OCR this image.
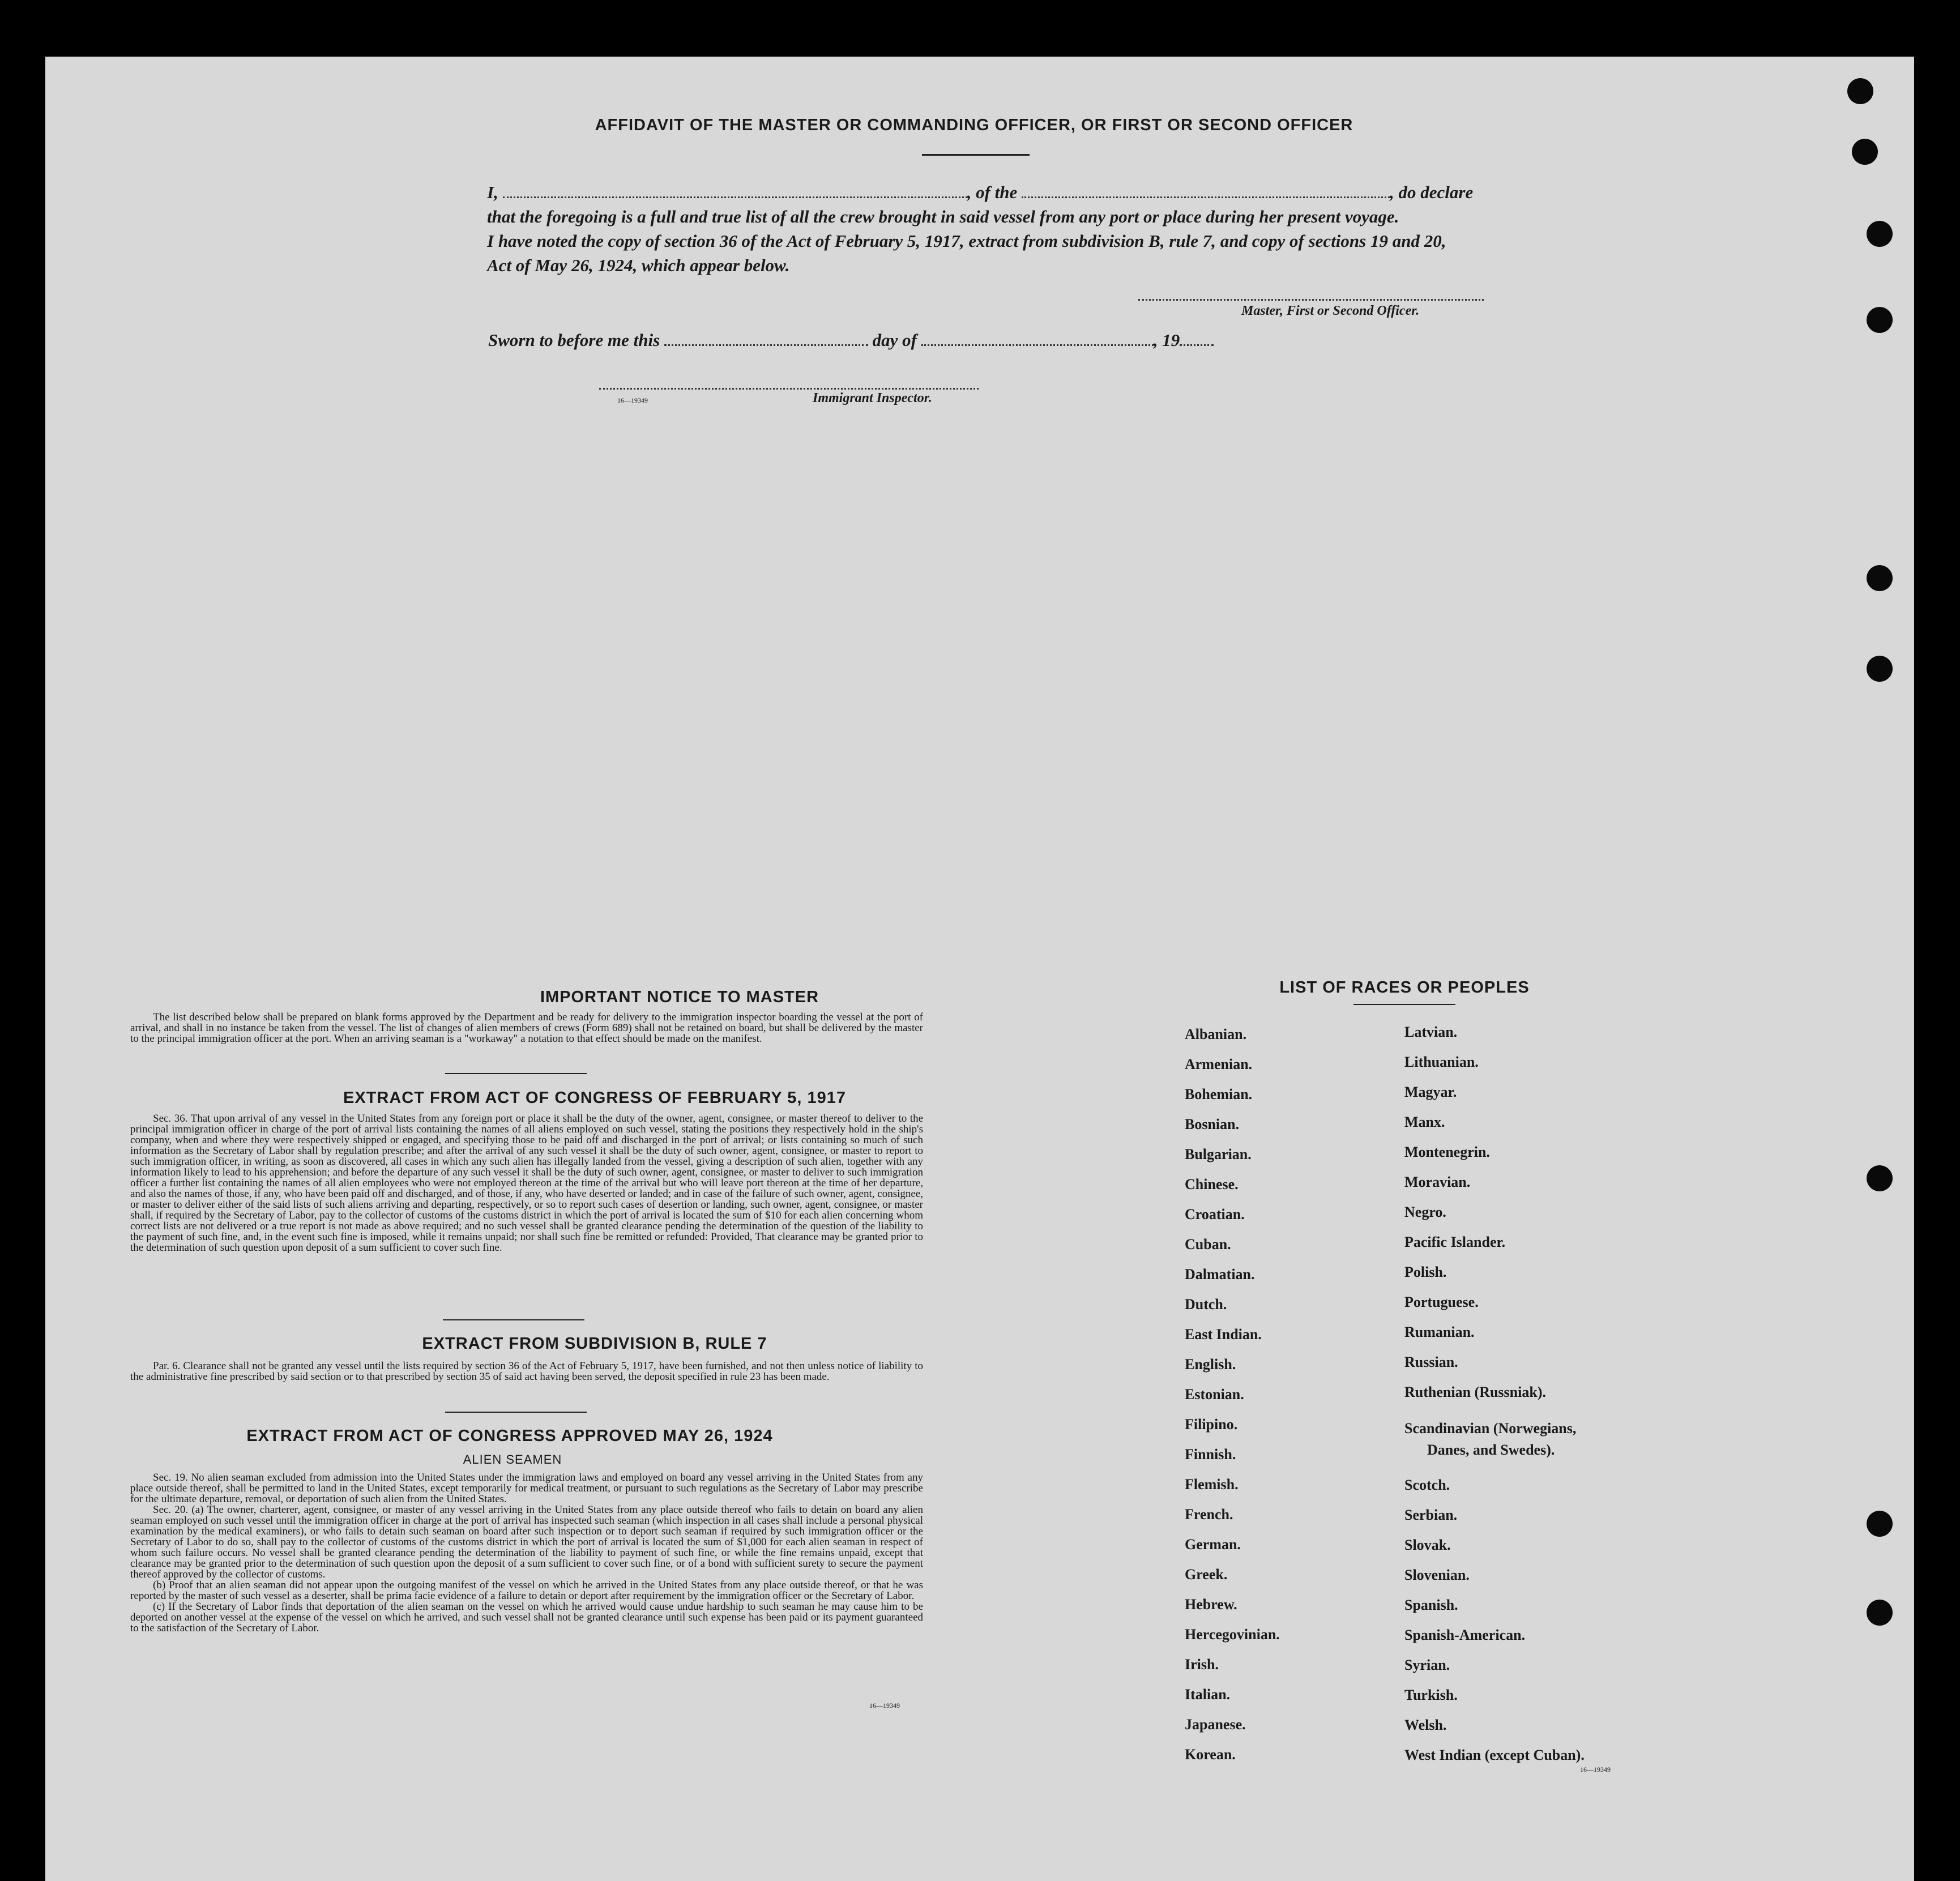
AFFIDAVIT OF THE MASTER OR COMMANDING OFFICER, OR FIRST OR SECOND OFFICER
I,	, of the	, do declare
that the foregoing is a full and true list of all the crew brought in said vessel from any port or place during her present voyage.
I have noted the copy of section 36 of the Act of February 5, 1917, extract from subdivision B, rule 7, and copy of sections 19 and 20,
Act of May 26, 1924, which appear below.
Master, First or Second Officer.
Sworn to before me this	day of	, 19
16—19349	Immigrant Inspector.
IMPORTANT NOTICE TO MASTER

The list described below shall be prepared on blank forms approved by the Department and be ready for delivery to the immigration inspector boarding the vessel at the port of arrival, and shall in no instance be taken from the vessel. The list of changes of alien members of crews (Form 689) shall not be retained on board, but shall be delivered by the master to the principal immigration officer at the port. When an arriving seaman is a "workaway" a notation to that effect should be made on the manifest.

EXTRACT FROM ACT OF CONGRESS OF FEBRUARY 5, 1917

Sec. 36. That upon arrival of any vessel in the United States from any foreign port or place it shall be the duty of the owner, agent, consignee, or master thereof to deliver to the principal immigration officer in charge of the port of arrival lists containing the names of all aliens employed on such vessel, stating the positions they respectively hold in the ship's company, when and where they were respectively shipped or engaged, and specifying those to be paid off and discharged in the port of arrival; or lists containing so much of such information as the Secretary of Labor shall by regulation prescribe; and after the arrival of any such vessel it shall be the duty of such owner, agent, consignee, or master to report to such immigration officer, in writing, as soon as discovered, all cases in which any such alien has illegally landed from the vessel, giving a description of such alien, together with any information likely to lead to his apprehension; and before the departure of any such vessel it shall be the duty of such owner, agent, consignee, or master to deliver to such immigration officer a further list containing the names of all alien employees who were not employed thereon at the time of the arrival but who will leave port thereon at the time of her departure, and also the names of those, if any, who have been paid off and discharged, and of those, if any, who have deserted or landed; and in case of the failure of such owner, agent, consignee, or master to deliver either of the said lists of such aliens arriving and departing, respectively, or so to report such cases of desertion or landing, such owner, agent, consignee, or master shall, if required by the Secretary of Labor, pay to the collector of customs of the customs district in which the port of arrival is located the sum of $10 for each alien concerning whom correct lists are not delivered or a true report is not made as above required; and no such vessel shall be granted clearance pending the determination of the question of the liability to the payment of such fine, and, in the event such fine is imposed, while it remains unpaid; nor shall such fine be remitted or refunded: Provided, That clearance may be granted prior to the determination of such question upon deposit of a sum sufficient to cover such fine.

EXTRACT FROM SUBDIVISION B, RULE 7

Par. 6. Clearance shall not be granted any vessel until the lists required by section 36 of the Act of February 5, 1917, have been furnished, and not then unless notice of liability to the administrative fine prescribed by said section or to that prescribed by section 35 of said act having been served, the deposit specified in rule 23 has been made.

EXTRACT FROM ACT OF CONGRESS APPROVED MAY 26, 1924
ALIEN SEAMEN

Sec. 19. No alien seaman excluded from admission into the United States under the immigration laws and employed on board any vessel arriving in the United States from any place outside thereof, shall be permitted to land in the United States, except temporarily for medical treatment, or pursuant to such regulations as the Secretary of Labor may prescribe for the ultimate departure, removal, or deportation of such alien from the United States.

Sec. 20. (a) The owner, charterer, agent, consignee, or master of any vessel arriving in the United States from any place outside thereof who fails to detain on board any alien seaman employed on such vessel until the immigration officer in charge at the port of arrival has inspected such seaman (which inspection in all cases shall include a personal physical examination by the medical examiners), or who fails to detain such seaman on board after such inspection or to deport such seaman if required by such immigration officer or the Secretary of Labor to do so, shall pay to the collector of customs of the customs district in which the port of arrival is located the sum of $1,000 for each alien seaman in respect of whom such failure occurs. No vessel shall be granted clearance pending the determination of the liability to payment of such fine, or while the fine remains unpaid, except that clearance may be granted prior to the determination of such question upon the deposit of a sum sufficient to cover such fine, or of a bond with sufficient surety to secure the payment thereof approved by the collector of customs.

(b) Proof that an alien seaman did not appear upon the outgoing manifest of the vessel on which he arrived in the United States from any place outside thereof, or that he was reported by the master of such vessel as a deserter, shall be prima facie evidence of a failure to detain or deport after requirement by the immigration officer or the Secretary of Labor.

(c) If the Secretary of Labor finds that deportation of the alien seaman on the vessel on which he arrived would cause undue hardship to such seaman he may cause him to be deported on another vessel at the expense of the vessel on which he arrived, and such vessel shall not be granted clearance until such expense has been paid or its payment guaranteed to the satisfaction of the Secretary of Labor.

16—19349
LIST OF RACES OR PEOPLES
Albanian.
Armenian.
Bohemian.
Bosnian.
Bulgarian.
Chinese.
Croatian.
Cuban.
Dalmatian.
Dutch.
East Indian.
English.
Estonian.
Filipino.
Finnish.
Flemish.
French.
German.
Greek.
Hebrew.
Hercegovinian.
Irish.
Italian.
Japanese.
Korean.
Latvian.
Lithuanian.
Magyar.
Manx.
Montenegrin.
Moravian.
Negro.
Pacific Islander.
Polish.
Portuguese.
Rumanian.
Russian.
Ruthenian (Russniak).
Scandinavian (Norwegians,
Danes, and Swedes).
Scotch.
Serbian.
Slovak.
Slovenian.
Spanish.
Spanish-American.
Syrian.
Turkish.
Welsh.
West Indian (except Cuban).
16—19349
